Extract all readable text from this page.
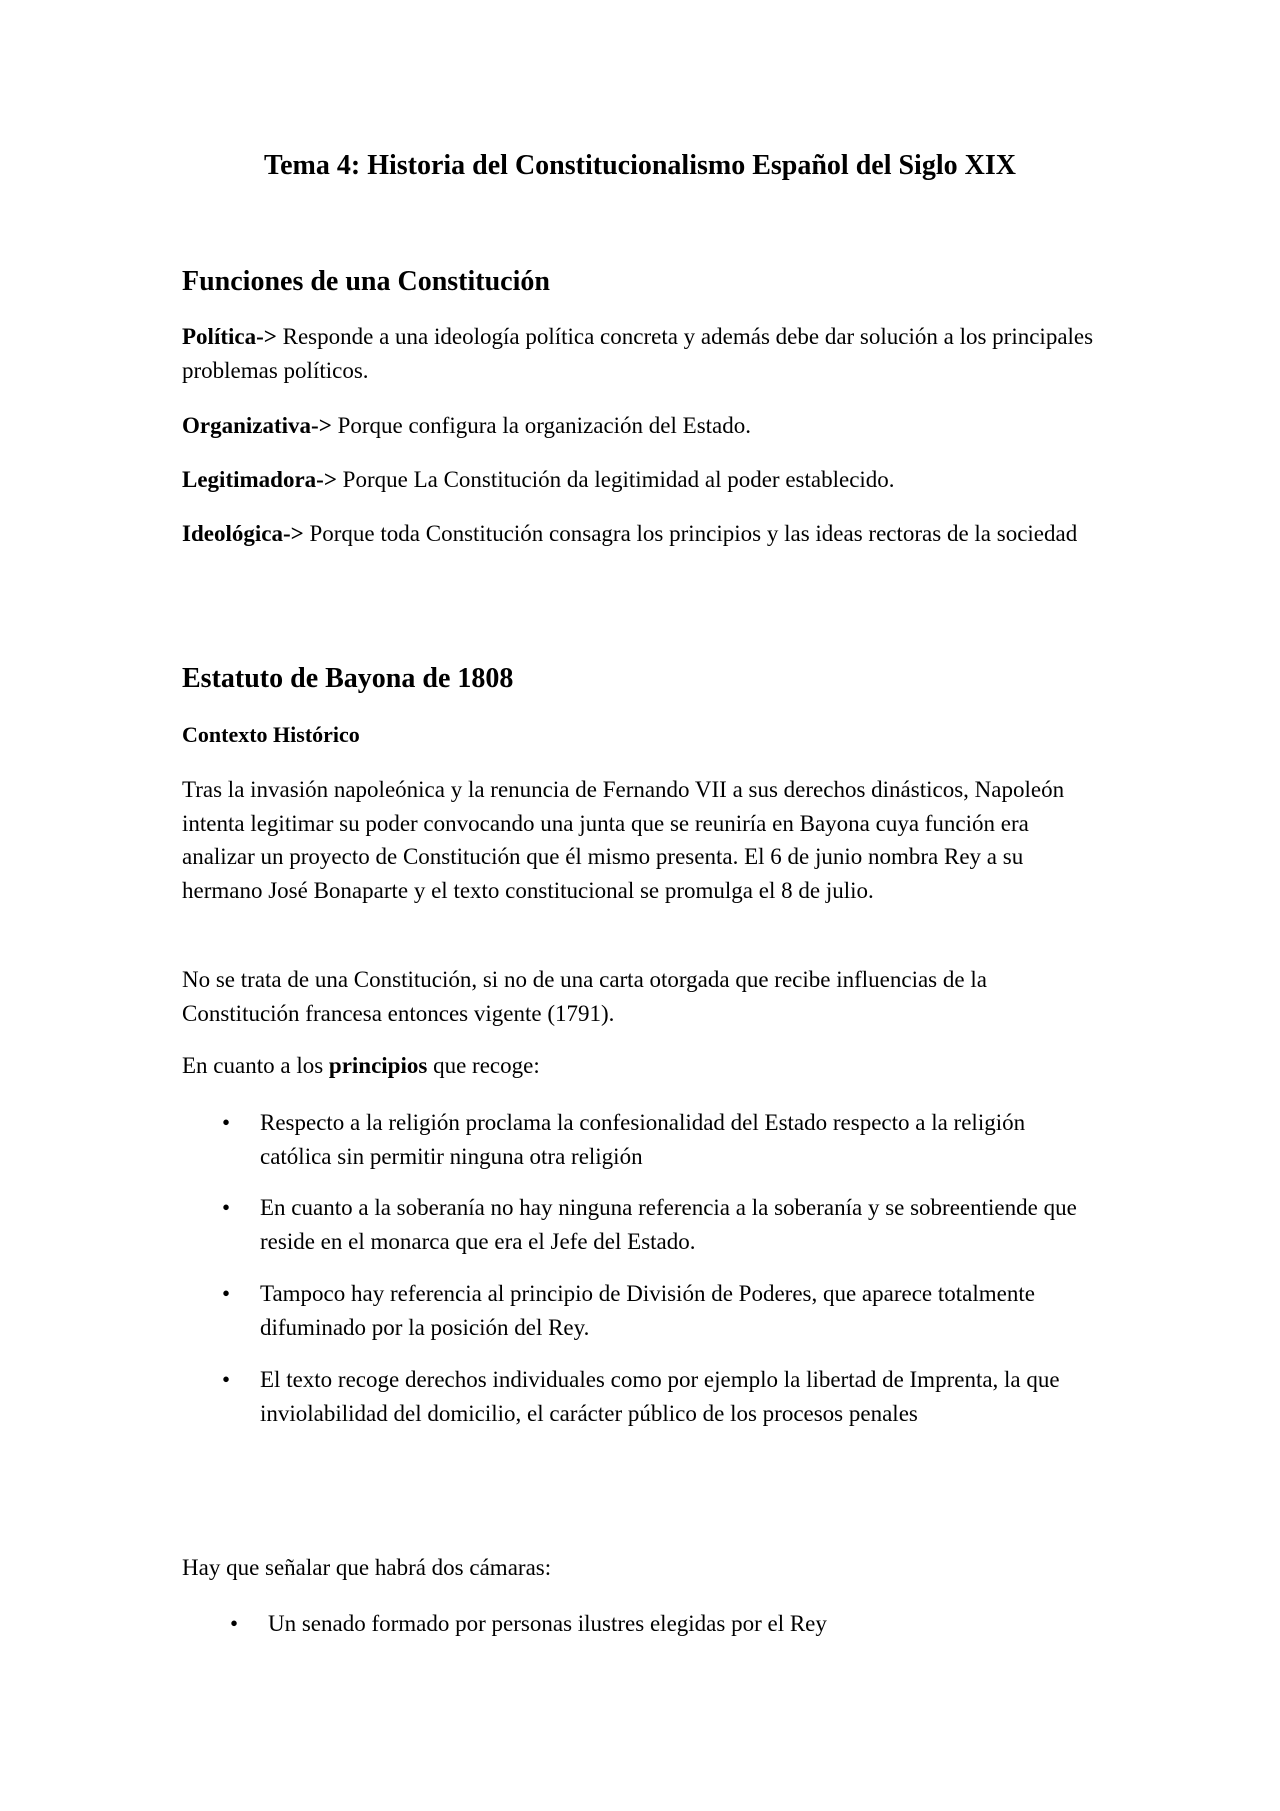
Tema 4: Historia del Constitucionalismo Español del Siglo XIX
Funciones de una Constitución

Política-> Responde a una ideología política concreta y además debe dar solución a los principales problemas políticos.

Organizativa-> Porque configura la organización del Estado.

Legitimadora-> Porque La Constitución da legitimidad al poder establecido.

Ideológica-> Porque toda Constitución consagra los principios y las ideas rectoras de la sociedad

Estatuto de Bayona de 1808
Contexto Histórico

Tras la invasión napoleónica y la renuncia de Fernando VII a sus derechos dinásticos, Napoleón intenta legitimar su poder convocando una junta que se reuniría en Bayona cuya función era analizar un proyecto de Constitución que él mismo presenta. El 6 de junio nombra Rey a su hermano José Bonaparte y el texto constitucional se promulga el 8 de julio.

No se trata de una Constitución, si no de una carta otorgada que recibe influencias de la Constitución francesa entonces vigente (1791).

En cuanto a los principios que recoge:

•	Respecto a la religión proclama la confesionalidad del Estado respecto a la religión católica sin permitir ninguna otra religión
•	En cuanto a la soberanía no hay ninguna referencia a la soberanía y se sobreentiende que reside en el monarca que era el Jefe del Estado.
•	Tampoco hay referencia al principio de División de Poderes, que aparece totalmente difuminado por la posición del Rey.
•	El texto recoge derechos individuales como por ejemplo la libertad de Imprenta, la que inviolabilidad del domicilio, el carácter público de los procesos penales

Hay que señalar que habrá dos cámaras:

•	Un senado formado por personas ilustres elegidas por el Rey
